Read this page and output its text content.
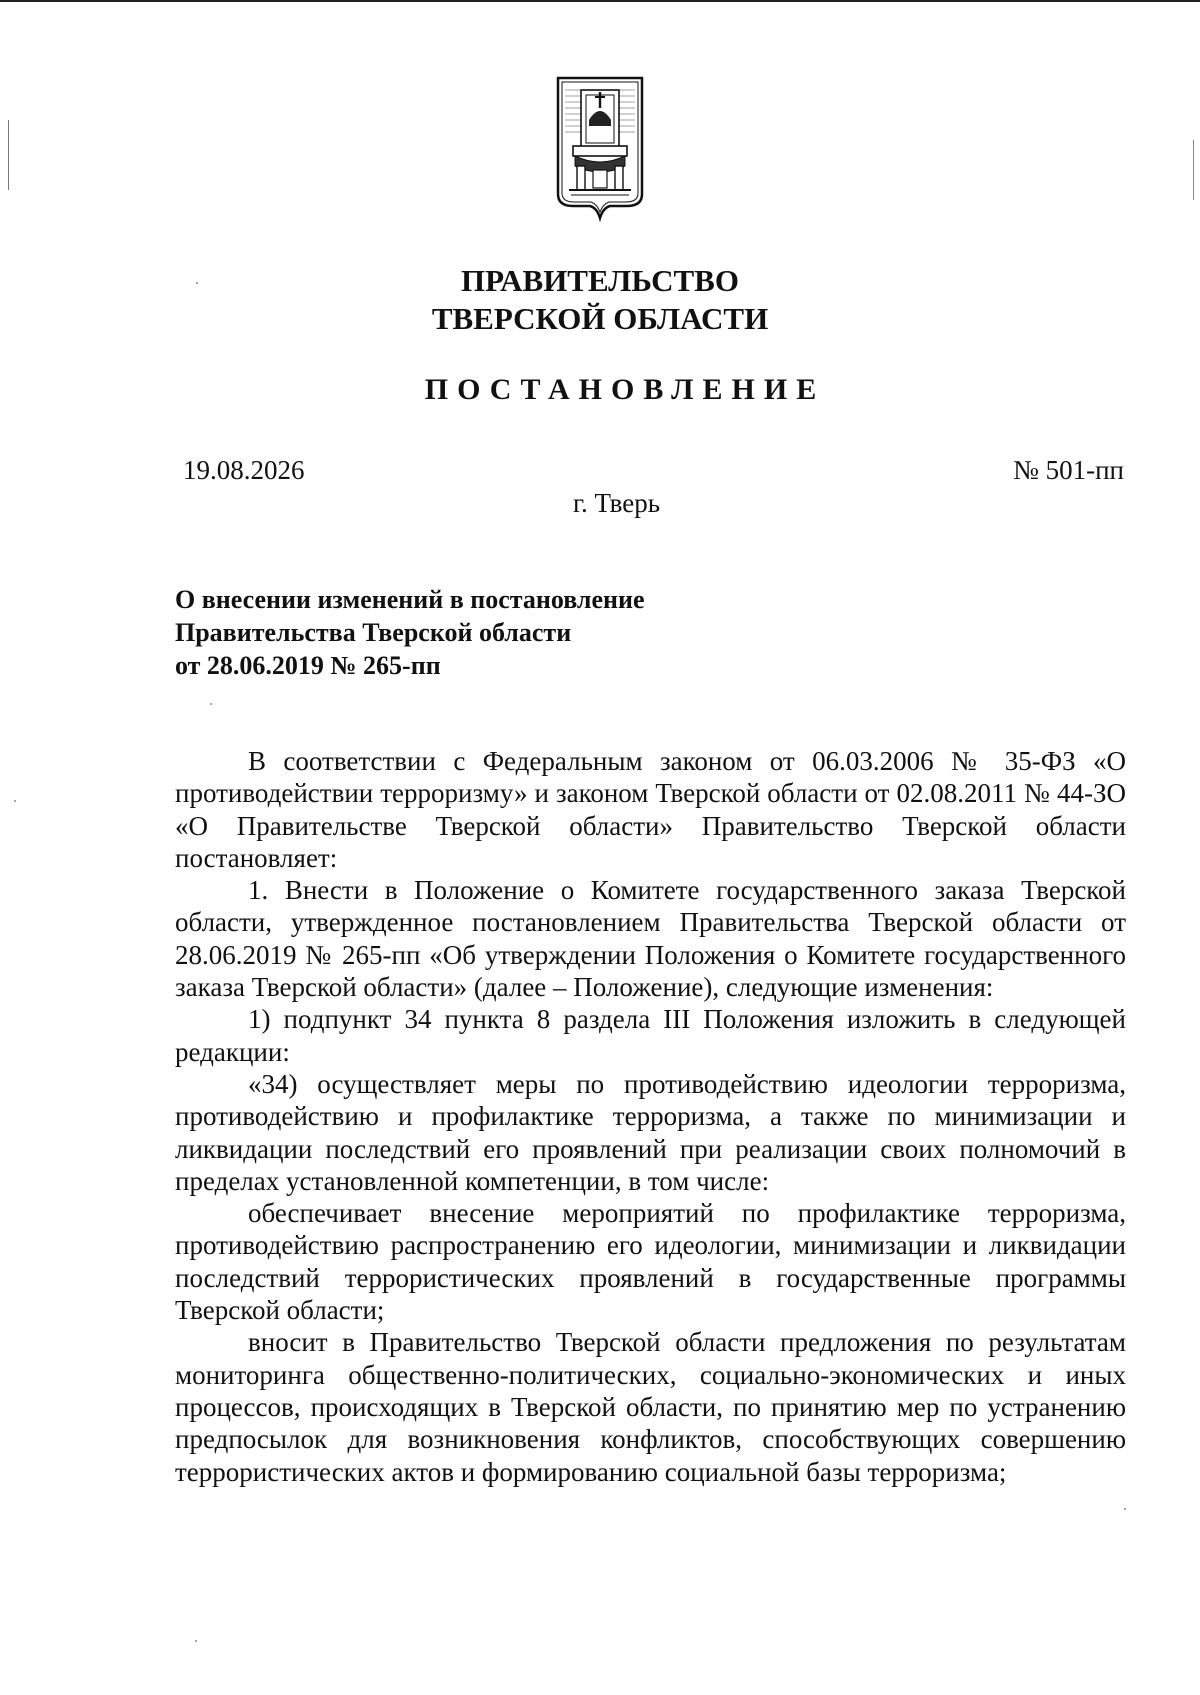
ПРАВИТЕЛЬСТВО
ТВЕРСКОЙ ОБЛАСТИ
ПОСТАНОВЛЕНИЕ
19.08.2026	№ 501-пп
г. Тверь
О внесении изменений в постановление
Правительства Тверской области
от 28.06.2019 № 265-пп

В соответствии с Федеральным законом от 06.03.2006 № 35-ФЗ «О противодействии терроризму» и законом Тверской области от 02.08.2011 № 44-ЗО «О Правительстве Тверской области» Правительство Тверской области постановляет:

1. Внести в Положение о Комитете государственного заказа Тверской области, утвержденное постановлением Правительства Тверской области от 28.06.2019 № 265-пп «Об утверждении Положения о Комитете государственного заказа Тверской области» (далее – Положение), следующие изменения:

1) подпункт 34 пункта 8 раздела III Положения изложить в следующей редакции:

«34) осуществляет меры по противодействию идеологии терроризма, противодействию и профилактике терроризма, а также по минимизации и ликвидации последствий его проявлений при реализации своих полномочий в пределах установленной компетенции, в том числе:

обеспечивает внесение мероприятий по профилактике терроризма, противодействию распространению его идеологии, минимизации и ликвидации последствий террористических проявлений в государственные программы Тверской области;

вносит в Правительство Тверской области предложения по результатам мониторинга общественно-политических, социально-экономических и иных процессов, происходящих в Тверской области, по принятию мер по устранению предпосылок для возникновения конфликтов, способствующих совершению террористических актов и формированию социальной базы терроризма;
